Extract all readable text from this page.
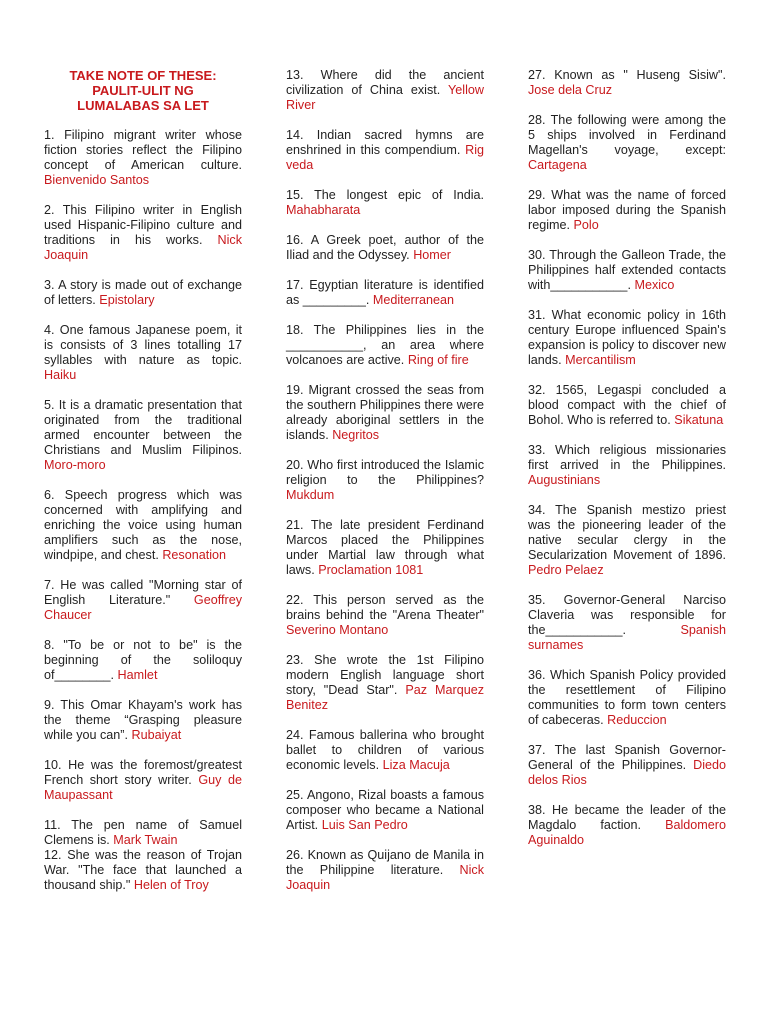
TAKE NOTE OF THESE:
PAULIT-ULIT NG
LUMALABAS SA LET

1. Filipino migrant writer whose fiction stories reflect the Filipino concept of American culture. Bienvenido Santos

2. This Filipino writer in English used Hispanic-Filipino culture and traditions in his works. Nick Joaquin

3. A story is made out of exchange of letters. Epistolary

4. One famous Japanese poem, it is consists of 3 lines totalling 17 syllables with nature as topic. Haiku

5. It is a dramatic presentation that originated from the traditional armed encounter between the Christians and Muslim Filipinos. Moro-moro

6. Speech progress which was concerned with amplifying and enriching the voice using human amplifiers such as the nose, windpipe, and chest. Resonation

7. He was called "Morning star of English Literature." Geoffrey Chaucer

8. "To be or not to be" is the beginning of the soliloquy of________. Hamlet

9. This Omar Khayam's work has the theme “Grasping pleasure while you can”. Rubaiyat

10. He was the foremost/greatest French short story writer. Guy de Maupassant

11. The pen name of Samuel Clemens is. Mark Twain

12. She was the reason of Trojan War. "The face that launched a thousand ship." Helen of Troy

13. Where did the ancient civilization of China exist. Yellow River

14. Indian sacred hymns are enshrined in this compendium. Rig veda

15. The longest epic of India. Mahabharata

16. A Greek poet, author of the Iliad and the Odyssey. Homer

17. Egyptian literature is identified as _________. Mediterranean

18. The Philippines lies in the ___________, an area where volcanoes are active. Ring of fire

19. Migrant crossed the seas from the southern Philippines there were already aboriginal settlers in the islands. Negritos

20. Who first introduced the Islamic religion to the Philippines? Mukdum

21. The late president Ferdinand Marcos placed the Philippines under Martial law through what laws. Proclamation 1081

22. This person served as the brains behind the "Arena Theater" Severino Montano

23. She wrote the 1st Filipino modern English language short story, "Dead Star". Paz Marquez Benitez

24. Famous ballerina who brought ballet to children of various economic levels. Liza Macuja

25. Angono, Rizal boasts a famous composer who became a National Artist. Luis San Pedro

26. Known as Quijano de Manila in the Philippine literature. Nick Joaquin

27. Known as " Huseng Sisiw". Jose dela Cruz

28. The following were among the 5 ships involved in Ferdinand Magellan's voyage, except: Cartagena

29. What was the name of forced labor imposed during the Spanish regime. Polo

30. Through the Galleon Trade, the Philippines half extended contacts with___________. Mexico

31. What economic policy in 16th century Europe influenced Spain's expansion is policy to discover new lands. Mercantilism

32. 1565, Legaspi concluded a blood compact with the chief of Bohol. Who is referred to. Sikatuna

33. Which religious missionaries first arrived in the Philippines. Augustinians

34. The Spanish mestizo priest was the pioneering leader of the native secular clergy in the Secularization Movement of 1896. Pedro Pelaez

35. Governor-General Narciso Claveria was responsible for the___________.	Spanish surnames

36. Which Spanish Policy provided the resettlement of Filipino communities to form town centers of cabeceras. Reduccion

37. The last Spanish Governor-General of the Philippines. Diedo delos Rios

38. He became the leader of the Magdalo faction. Baldomero Aguinaldo
